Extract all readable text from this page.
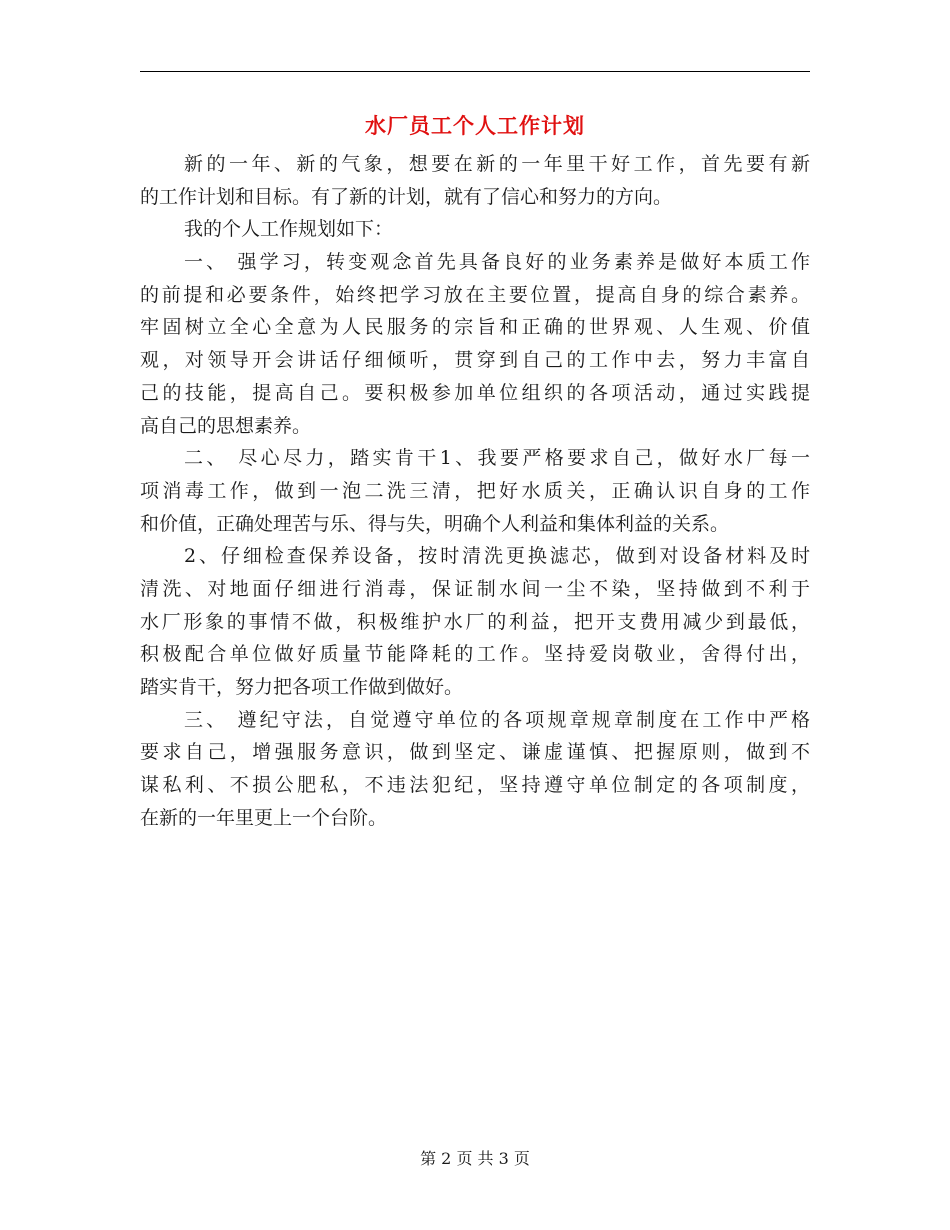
水厂员工个人工作计划
新的一年、新的气象，想要在新的一年里干好工作，首先要有新
的工作计划和目标。有了新的计划，就有了信心和努力的方向。
我的个人工作规划如下：
一、 强学习，转变观念首先具备良好的业务素养是做好本质工作
的前提和必要条件，始终把学习放在主要位置，提高自身的综合素养。
牢固树立全心全意为人民服务的宗旨和正确的世界观、人生观、价值
观，对领导开会讲话仔细倾听，贯穿到自己的工作中去，努力丰富自
己的技能，提高自己。要积极参加单位组织的各项活动，通过实践提
高自己的思想素养。
二、 尽心尽力，踏实肯干1、我要严格要求自己，做好水厂每一
项消毒工作，做到一泡二洗三清，把好水质关，正确认识自身的工作
和价值，正确处理苦与乐、得与失，明确个人利益和集体利益的关系。
2、仔细检查保养设备，按时清洗更换滤芯，做到对设备材料及时
清洗、对地面仔细进行消毒，保证制水间一尘不染，坚持做到不利于
水厂形象的事情不做，积极维护水厂的利益，把开支费用减少到最低，
积极配合单位做好质量节能降耗的工作。坚持爱岗敬业，舍得付出，
踏实肯干，努力把各项工作做到做好。
三、 遵纪守法，自觉遵守单位的各项规章规章制度在工作中严格
要求自己，增强服务意识，做到坚定、谦虚谨慎、把握原则，做到不
谋私利、不损公肥私，不违法犯纪，坚持遵守单位制定的各项制度，
在新的一年里更上一个台阶。
第 2 页 共 3 页
